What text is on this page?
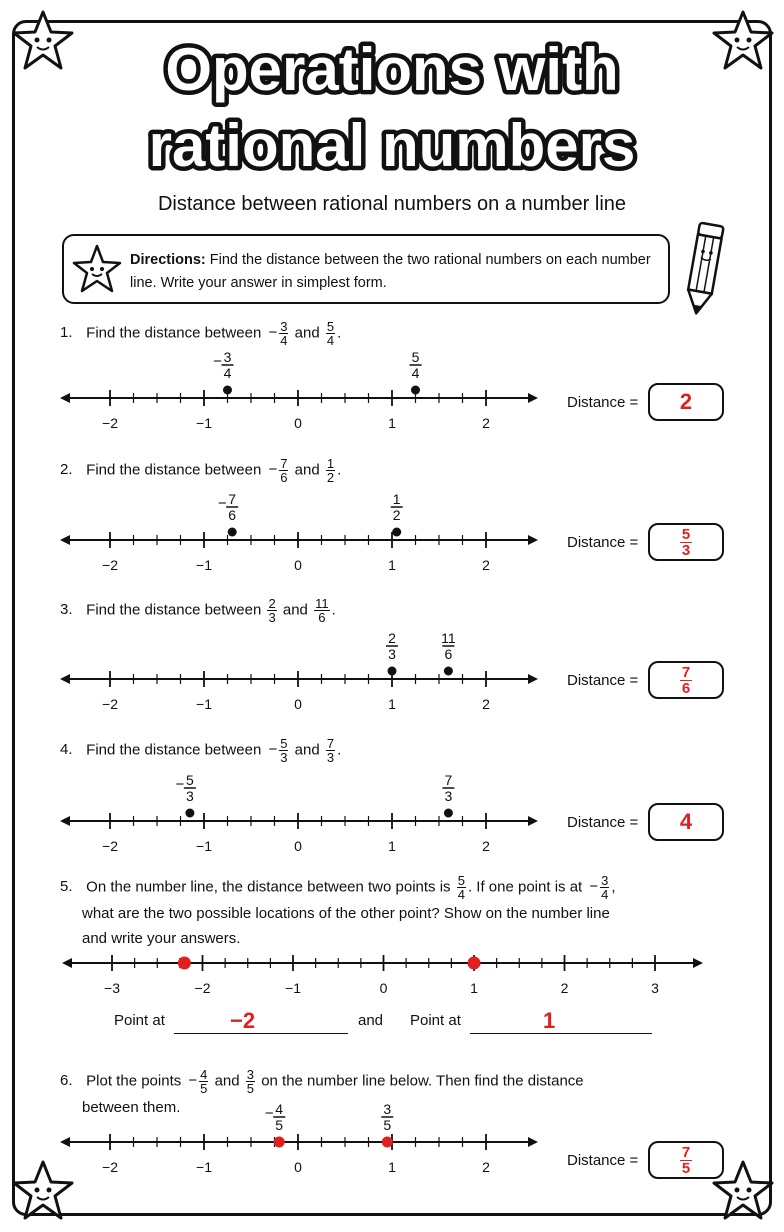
Operations with
rational numbers
Distance between rational numbers on a number line
Directions: Find the distance between the two rational numbers on each number line. Write your answer in simplest form.
1. Find the distance between − $\frac{3}{4}$ and $\frac{5}{4}$ .
2. Find the distance between − $\frac{7}{6}$ and $\frac{1}{2}$ .
3. Find the distance between $\frac{2}{3}$ and $\frac{11}{6}$ .
4. Find the distance between − $\frac{5}{3}$ and $\frac{7}{3}$ .
−2	−1	0	1	2
− 3
4
5
4
−2	−1	0	1	2
− 7
6
1
2
−2	−1	0	1	2
2
3
11
6
−2	−1	0	1	2
− 5
3
7
3
Distance = 2
Distance =	$\frac{5}{3}$
Distance =	$\frac{7}{6}$
Distance = 4
5. On the number line, the distance between two points is $\frac{5}{4}$ . If one point is at − $\frac{3}{4}$ ,
what are the two possible locations of the other point? Show on the number line
and write your answers.
−3	−2	−1	0	1	2	3
Point at	−2	and Point at	1
6. Plot the points − $\frac{4}{5}$ and $\frac{3}{5}$ on the number line below. Then find the distance
between them.
−2	−1	0	1	2
− 4
5
3
5
Distance =	$\frac{7}{5}$
